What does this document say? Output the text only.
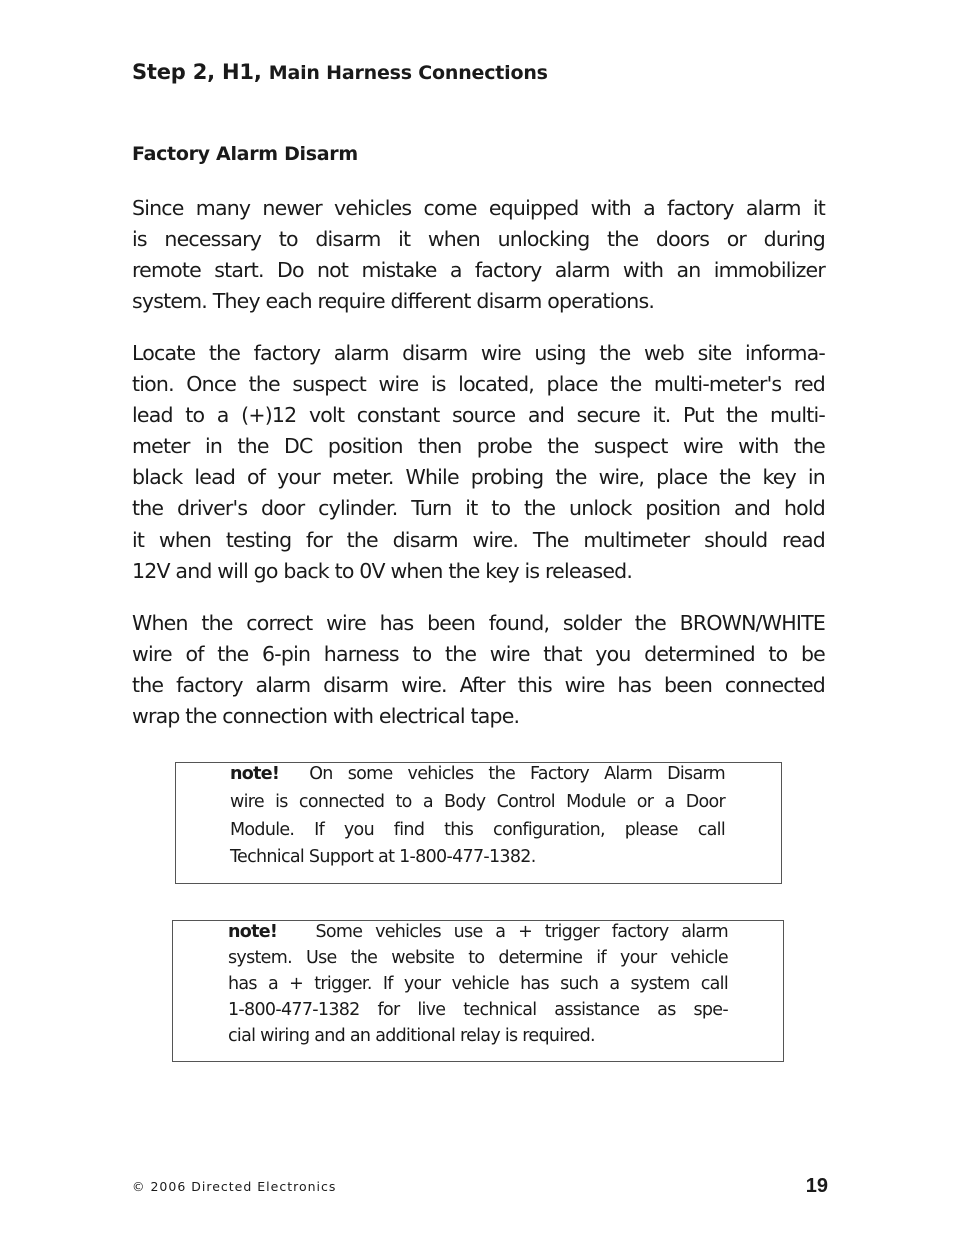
Step 2, H1, Main Harness Connections
Factory Alarm Disarm

Since many newer vehicles come equipped with a factory alarm it
is necessary to disarm it when unlocking the doors or during
remote start. Do not mistake a factory alarm with an immobilizer
system. They each require different disarm operations.

Locate the factory alarm disarm wire using the web site informa-
tion. Once the suspect wire is located, place the multi-meter's red
lead to a (+)12 volt constant source and secure it. Put the multi-
meter in the DC position then probe the suspect wire with the
black lead of your meter. While probing the wire, place the key in
the driver's door cylinder. Turn it to the unlock position and hold
it when testing for the disarm wire. The multimeter should read
12V and will go back to 0V when the key is released.

When the correct wire has been found, solder the BROWN/WHITE
wire of the 6-pin harness to the wire that you determined to be
the factory alarm disarm wire. After this wire has been connected
wrap the connection with electrical tape.

note! On some vehicles the Factory Alarm Disarm
wire is connected to a Body Control Module or a Door
Module. If you find this configuration, please call
Technical Support at 1-800-477-1382.

note! Some vehicles use a + trigger factory alarm
system. Use the website to determine if your vehicle
has a + trigger. If your vehicle has such a system call
1-800-477-1382 for live technical assistance as spe-
cial wiring and an additional relay is required.

© 2006 Directed Electronics	19
